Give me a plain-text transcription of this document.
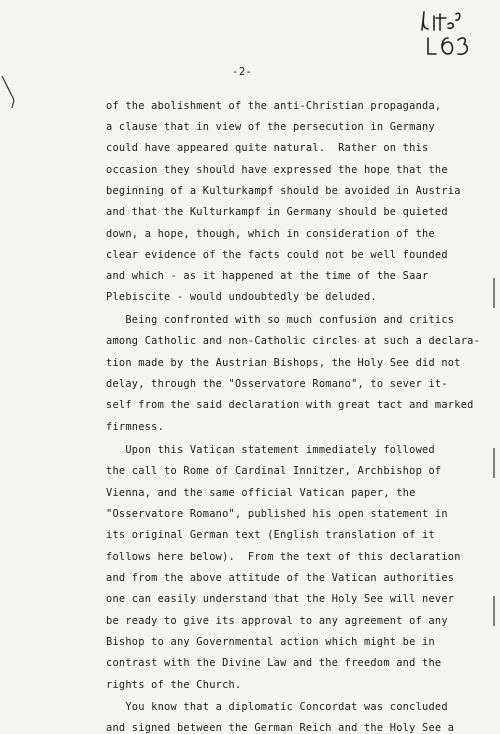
-2-
of the abolishment of the anti-Christian propaganda,
a clause that in view of the persecution in Germany
could have appeared quite natural.  Rather on this
occasion they should have expressed the hope that the
beginning of a Kulturkampf should be avoided in Austria
and that the Kulturkampf in Germany should be quieted
down, a hope, though, which in consideration of the
clear evidence of the facts could not be well founded
and which - as it happened at the time of the Saar
Plebiscite - would undoubtedly be deluded.
Being confronted with so much confusion and critics
among Catholic and non-Catholic circles at such a declara-
tion made by the Austrian Bishops, the Holy See did not
delay, through the "Osservatore Romano", to sever it-
self from the said declaration with great tact and marked
firmness.
Upon this Vatican statement immediately followed
the call to Rome of Cardinal Innitzer, Archbishop of
Vienna, and the same official Vatican paper, the
"Osservatore Romano", published his open statement in
its original German text (English translation of it
follows here below).  From the text of this declaration
and from the above attitude of the Vatican authorities
one can easily understand that the Holy See will never
be ready to give its approval to any agreement of any
Bishop to any Governmental action which might be in
contrast with the Divine Law and the freedom and the
rights of the Church.
You know that a diplomatic Concordat was concluded
and signed between the German Reich and the Holy See a
